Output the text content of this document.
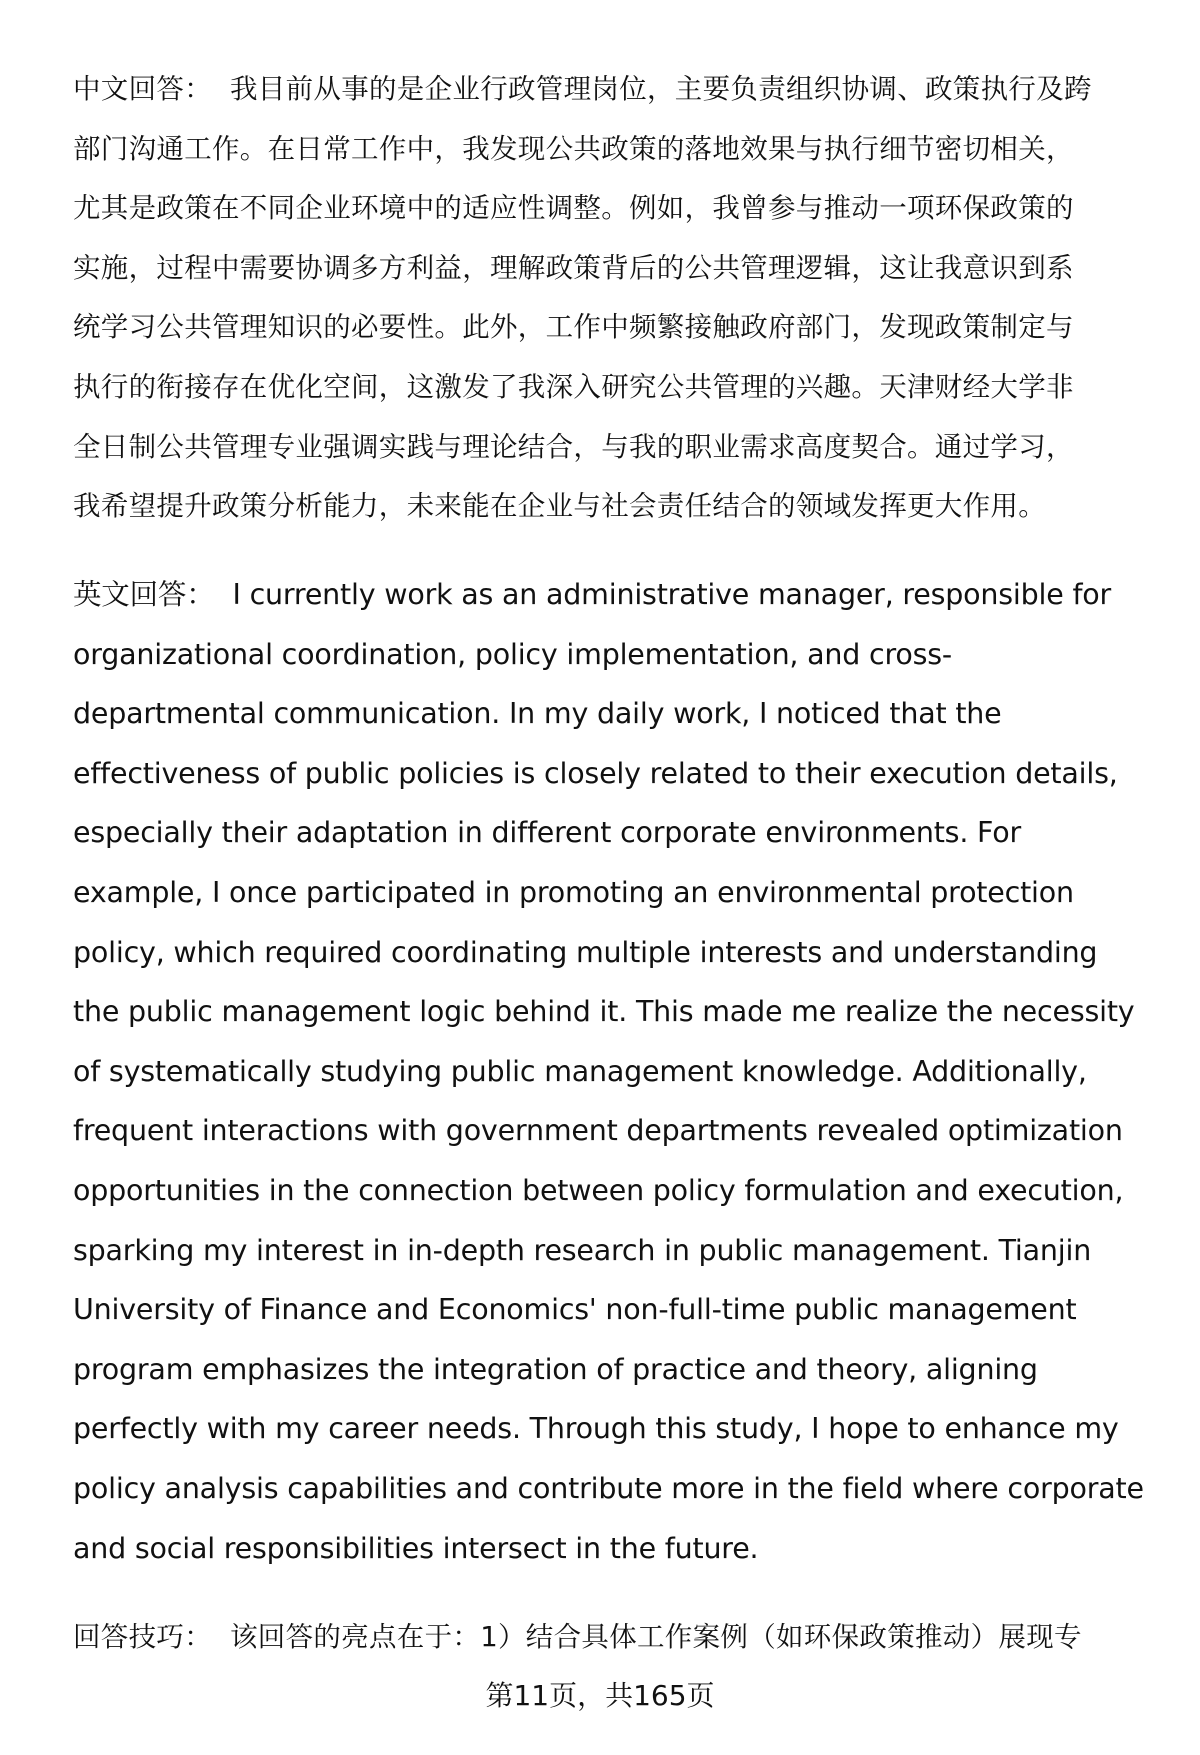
中文回答： 我目前从事的是企业行政管理岗位，主要负责组织协调、政策执行及跨
部门沟通工作。在日常工作中，我发现公共政策的落地效果与执行细节密切相关，
尤其是政策在不同企业环境中的适应性调整。例如，我曾参与推动一项环保政策的
实施，过程中需要协调多方利益，理解政策背后的公共管理逻辑，这让我意识到系
统学习公共管理知识的必要性。此外，工作中频繁接触政府部门，发现政策制定与
执行的衔接存在优化空间，这激发了我深入研究公共管理的兴趣。天津财经大学非
全日制公共管理专业强调实践与理论结合，与我的职业需求高度契合。通过学习，
我希望提升政策分析能力，未来能在企业与社会责任结合的领域发挥更大作用。
英文回答： I currently work as an administrative manager, responsible for
organizational coordination, policy implementation, and cross-
departmental communication. In my daily work, I noticed that the
effectiveness of public policies is closely related to their execution details,
especially their adaptation in different corporate environments. For
example, I once participated in promoting an environmental protection
policy, which required coordinating multiple interests and understanding
the public management logic behind it. This made me realize the necessity
of systematically studying public management knowledge. Additionally,
frequent interactions with government departments revealed optimization
opportunities in the connection between policy formulation and execution,
sparking my interest in in-depth research in public management. Tianjin
University of Finance and Economics' non-full-time public management
program emphasizes the integration of practice and theory, aligning
perfectly with my career needs. Through this study, I hope to enhance my
policy analysis capabilities and contribute more in the field where corporate
and social responsibilities intersect in the future.
回答技巧： 该回答的亮点在于：1）结合具体工作案例（如环保政策推动）展现专
第11页，共165页
